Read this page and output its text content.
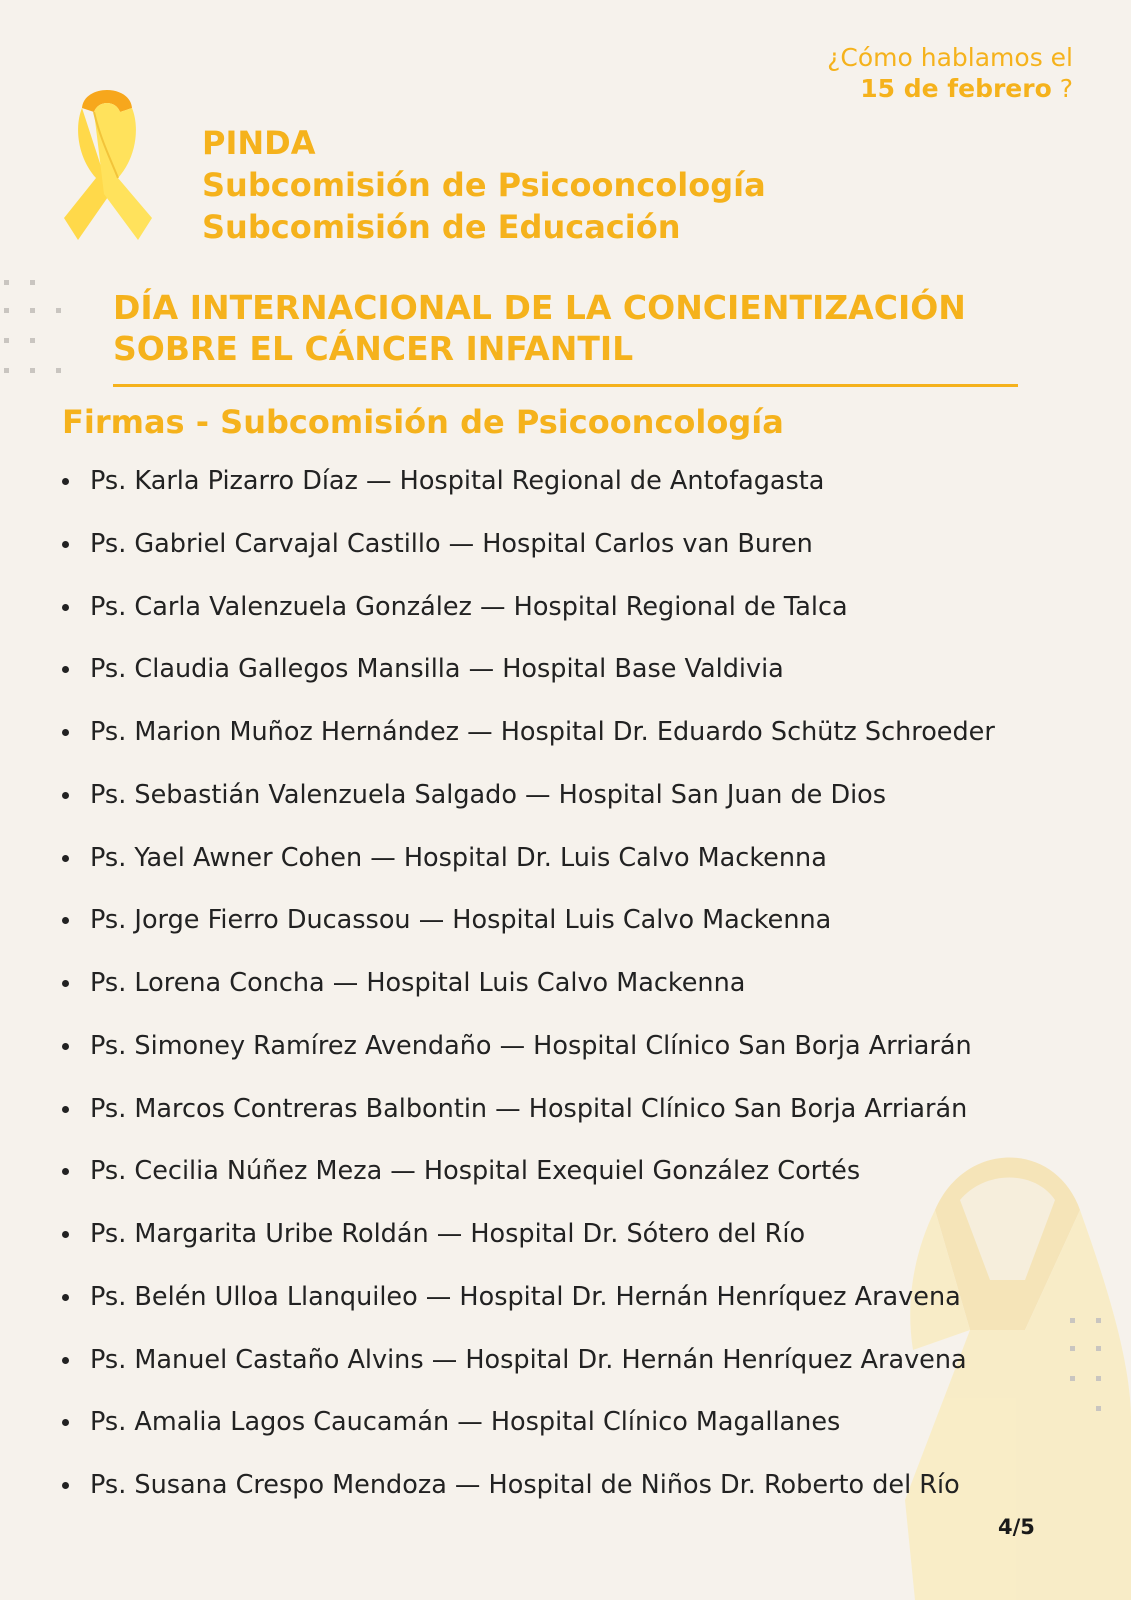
¿Cómo hablamos el
15 de febrero ?
PINDA
Subcomisión de Psicooncología
Subcomisión de Educación
DÍA INTERNACIONAL DE LA CONCIENTIZACIÓN
SOBRE EL CÁNCER INFANTIL
Firmas - Subcomisión de Psicooncología
Ps. Karla Pizarro Díaz — Hospital Regional de Antofagasta
Ps. Gabriel Carvajal Castillo — Hospital Carlos van Buren
Ps. Carla Valenzuela González — Hospital Regional de Talca
Ps. Claudia Gallegos Mansilla — Hospital Base Valdivia
Ps. Marion Muñoz Hernández — Hospital Dr. Eduardo Schütz Schroeder
Ps. Sebastián Valenzuela Salgado — Hospital San Juan de Dios
Ps. Yael Awner Cohen — Hospital Dr. Luis Calvo Mackenna
Ps. Jorge Fierro Ducassou — Hospital Luis Calvo Mackenna
Ps. Lorena Concha — Hospital Luis Calvo Mackenna
Ps. Simoney Ramírez Avendaño — Hospital Clínico San Borja Arriarán
Ps. Marcos Contreras Balbontin — Hospital Clínico San Borja Arriarán
Ps. Cecilia Núñez Meza — Hospital Exequiel González Cortés
Ps. Margarita Uribe Roldán — Hospital Dr. Sótero del Río
Ps. Belén Ulloa Llanquileo — Hospital Dr. Hernán Henríquez Aravena
Ps. Manuel Castaño Alvins — Hospital Dr. Hernán Henríquez Aravena
Ps. Amalia Lagos Caucamán — Hospital Clínico Magallanes
Ps. Susana Crespo Mendoza — Hospital de Niños Dr. Roberto del Río
4/5
